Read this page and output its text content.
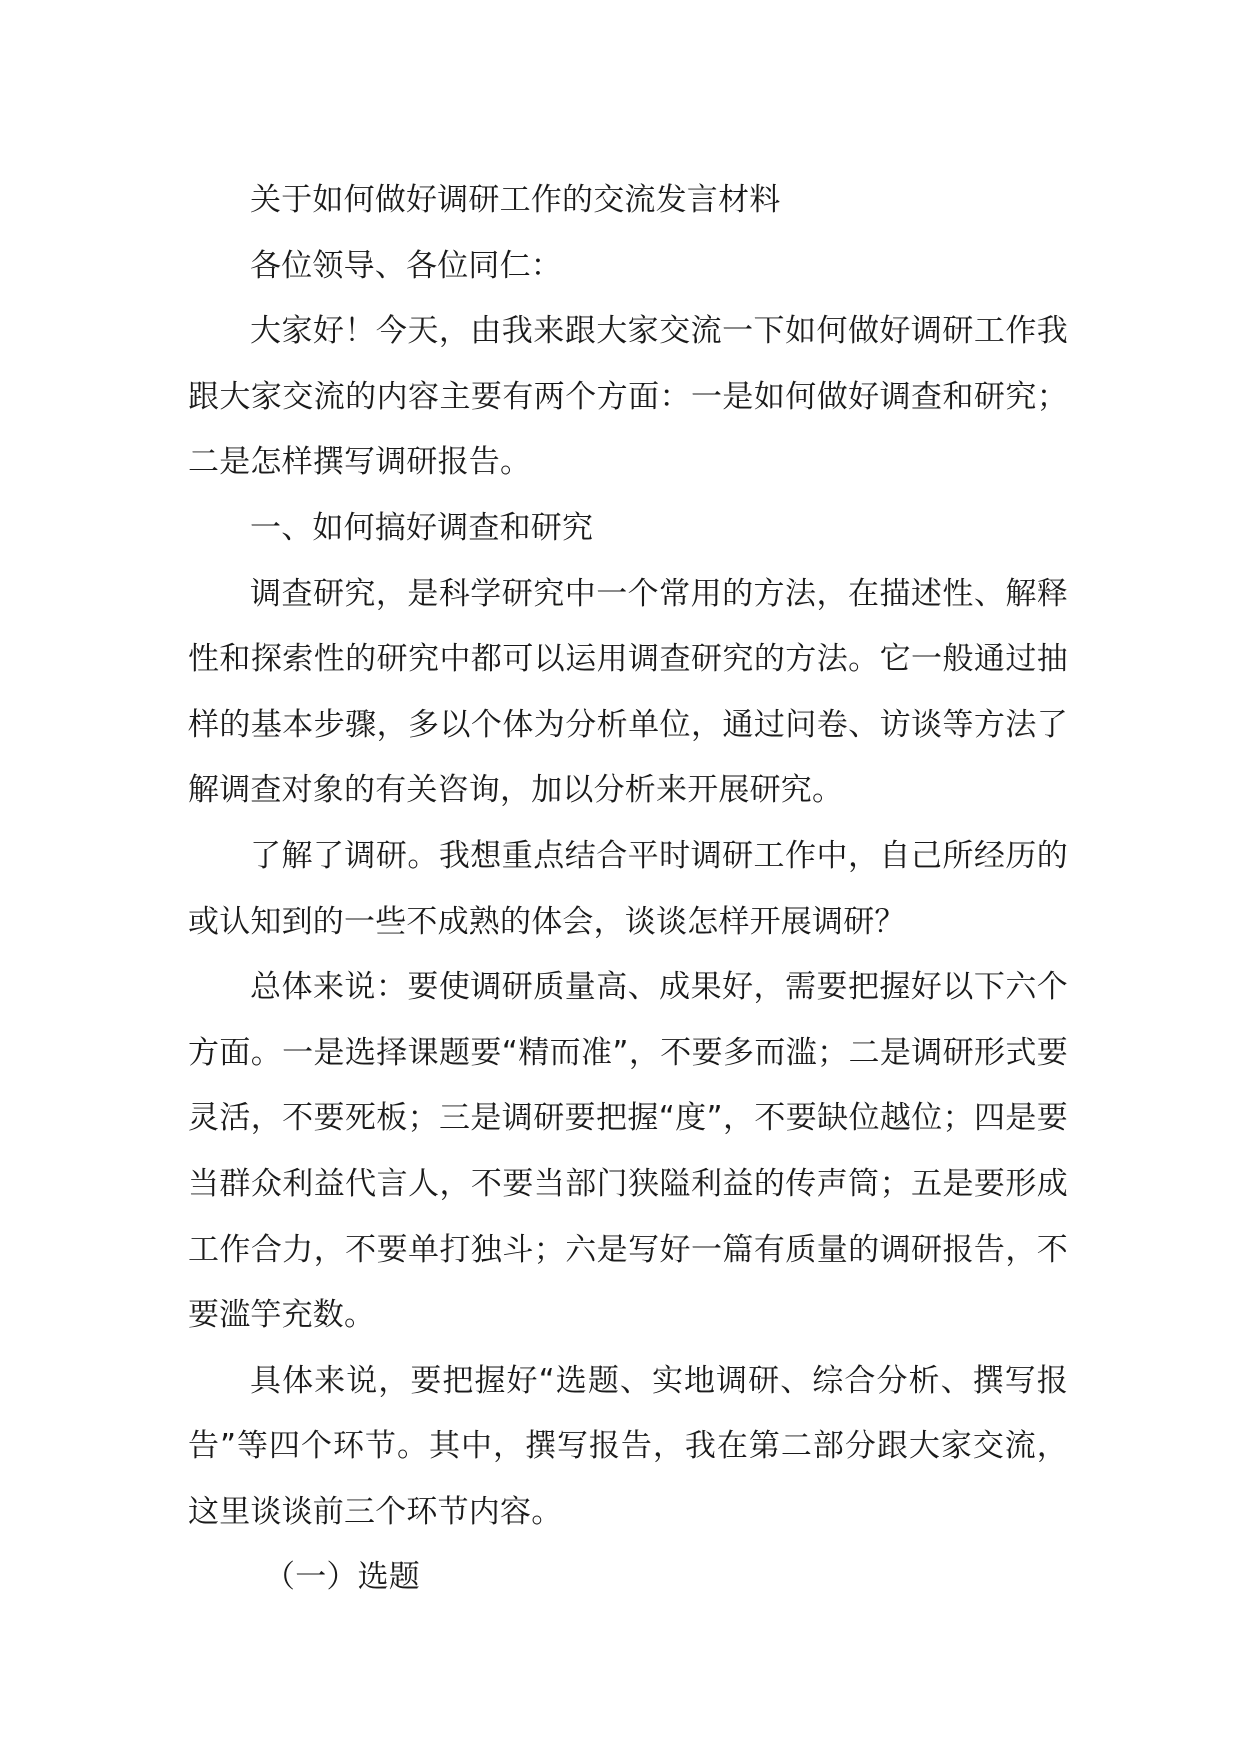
关于如何做好调研工作的交流发言材料

各位领导、各位同仁：

大家好！今天，由我来跟大家交流一下如何做好调研工作我跟大家交流的内容主要有两个方面：一是如何做好调查和研究；二是怎样撰写调研报告。

一、如何搞好调查和研究

调查研究，是科学研究中一个常用的方法，在描述性、解释性和探索性的研究中都可以运用调查研究的方法。它一般通过抽样的基本步骤，多以个体为分析单位，通过问卷、访谈等方法了解调查对象的有关咨询，加以分析来开展研究。

了解了调研。我想重点结合平时调研工作中，自己所经历的或认知到的一些不成熟的体会，谈谈怎样开展调研？

总体来说：要使调研质量高、成果好，需要把握好以下六个方面。一是选择课题要“精而准”，不要多而滥；二是调研形式要灵活，不要死板；三是调研要把握“度”，不要缺位越位；四是要当群众利益代言人，不要当部门狭隘利益的传声筒；五是要形成工作合力，不要单打独斗；六是写好一篇有质量的调研报告，不要滥竽充数。

具体来说，要把握好“选题、实地调研、综合分析、撰写报告”等四个环节。其中，撰写报告，我在第二部分跟大家交流，这里谈谈前三个环节内容。

（一）选题
